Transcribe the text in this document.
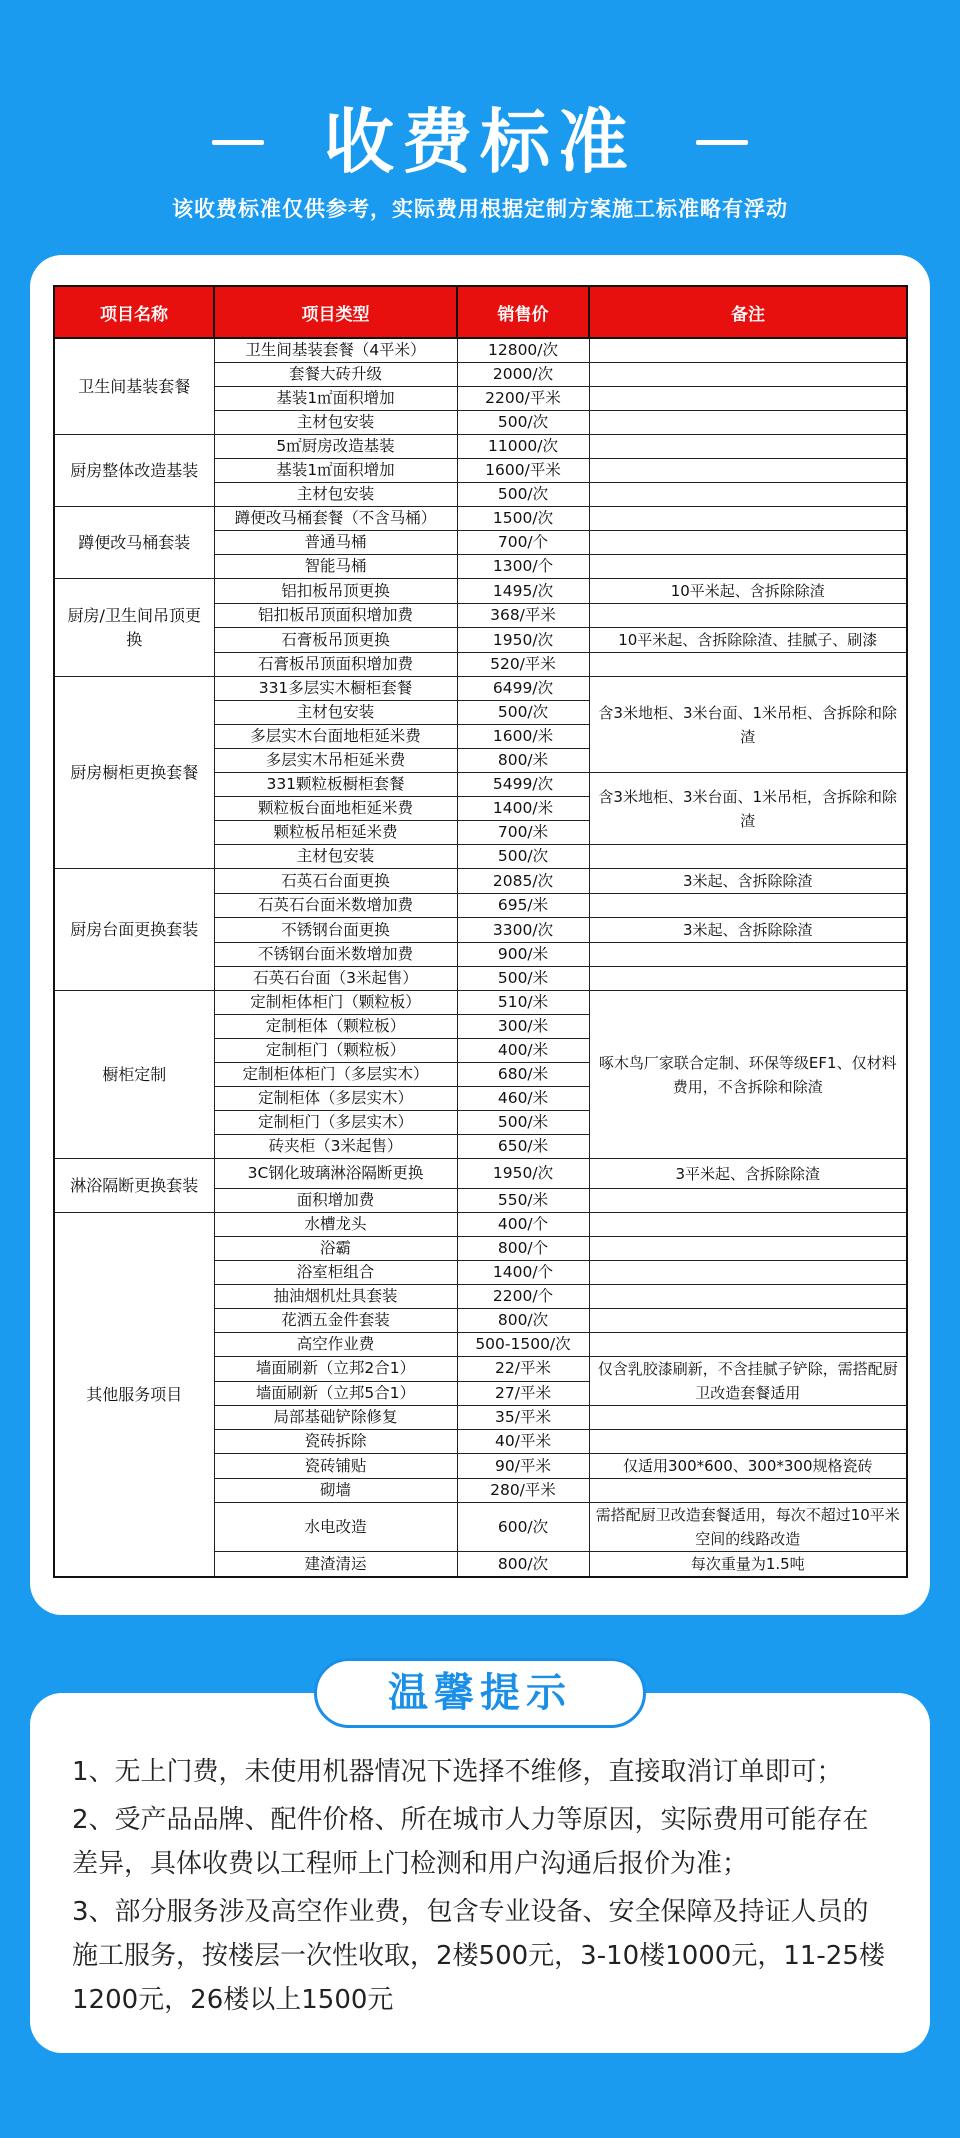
收费标准
该收费标准仅供参考，实际费用根据定制方案施工标准略有浮动
项目名称	项目类型	销售价	备注
卫生间基装套餐	卫生间基装套餐（4平米）	12800/次	
	套餐大砖升级	2000/次	
	基装1㎡面积增加	2200/平米	
	主材包安装	500/次	
厨房整体改造基装	5㎡厨房改造基装	11000/次	
	基装1㎡面积增加	1600/平米	
	主材包安装	500/次	
蹲便改马桶套装	蹲便改马桶套餐（不含马桶）	1500/次	
	普通马桶	700/个	
	智能马桶	1300/个	
厨房/卫生间吊顶更换	铝扣板吊顶更换	1495/次	10平米起、含拆除除渣
	铝扣板吊顶面积增加费	368/平米	
	石膏板吊顶更换	1950/次	10平米起、含拆除除渣、挂腻子、刷漆
	石膏板吊顶面积增加费	520/平米	
厨房橱柜更换套餐	331多层实木橱柜套餐	6499/次	含3米地柜、3米台面、1米吊柜、含拆除和除渣
	主材包安装	500/次	
	多层实木台面地柜延米费	1600/米	
	多层实木吊柜延米费	800/米	
	331颗粒板橱柜套餐	5499/次	含3米地柜、3米台面、1米吊柜，含拆除和除渣
	颗粒板台面地柜延米费	1400/米	
	颗粒板吊柜延米费	700/米	
	主材包安装	500/次	
厨房台面更换套装	石英石台面更换	2085/次	3米起、含拆除除渣
	石英石台面米数增加费	695/米	
	不锈钢台面更换	3300/次	3米起、含拆除除渣
	不锈钢台面米数增加费	900/米	
	石英石台面（3米起售）	500/米	
橱柜定制	定制柜体柜门（颗粒板）	510/米	啄木鸟厂家联合定制、环保等级EF1、仅材料费用，不含拆除和除渣
	定制柜体（颗粒板）	300/米	
	定制柜门（颗粒板）	400/米	
	定制柜体柜门（多层实木）	680/米	
	定制柜体（多层实木）	460/米	
	定制柜门（多层实木）	500/米	
	砖夹柜（3米起售）	650/米	
淋浴隔断更换套装	3C钢化玻璃淋浴隔断更换	1950/次	3平米起、含拆除除渣
	面积增加费	550/米	
其他服务项目	水槽龙头	400/个	
	浴霸	800/个	
	浴室柜组合	1400/个	
	抽油烟机灶具套装	2200/个	
	花洒五金件套装	800/次	
	高空作业费	500-1500/次	
	墙面刷新（立邦2合1）	22/平米	仅含乳胶漆刷新，不含挂腻子铲除，需搭配厨卫改造套餐适用
	墙面刷新（立邦5合1）	27/平米	
	局部基础铲除修复	35/平米	
	瓷砖拆除	40/平米	
	瓷砖铺贴	90/平米	仅适用300*600、300*300规格瓷砖
	砌墙	280/平米	
	水电改造	600/次	需搭配厨卫改造套餐适用，每次不超过10平米空间的线路改造
	建渣清运	800/次	每次重量为1.5吨
温馨提示

1、无上门费，未使用机器情况下选择不维修，直接取消订单即可；

2、受产品品牌、配件价格、所在城市人力等原因，实际费用可能存在差异，具体收费以工程师上门检测和用户沟通后报价为准；

3、部分服务涉及高空作业费，包含专业设备、安全保障及持证人员的施工服务，按楼层一次性收取，2楼500元，3-10楼1000元，11-25楼1200元，26楼以上1500元
